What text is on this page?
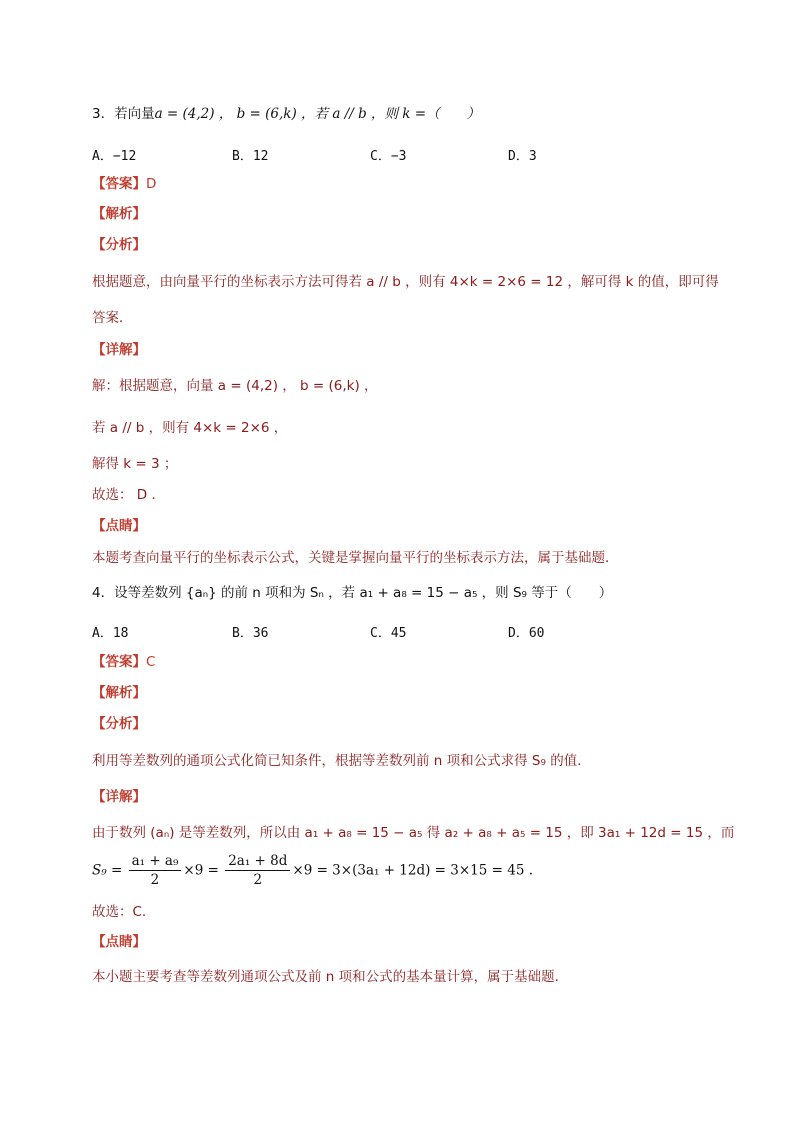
3．若向量a = (4,2) ， b = (6,k) ，若 a // b ，则 k =（　　）
A．−12	B．12	C．−3	D．3
【答案】D
【解析】
【分析】
根据题意，由向量平行的坐标表示方法可得若 a // b ，则有 4×k = 2×6 = 12 ，解可得 k 的值，即可得
答案．
【详解】
解：根据题意，向量 a = (4,2) ， b = (6,k) ，
若 a // b ，则有 4×k = 2×6 ，
解得 k = 3 ；
故选： D ．
【点睛】
本题考查向量平行的坐标表示公式，关键是掌握向量平行的坐标表示方法，属于基础题．
4．设等差数列 {aₙ} 的前 n 项和为 Sₙ ，若 a₁ + a₈ = 15 − a₅ ，则 S₉ 等于（　　）
A．18	B．36	C．45	D．60
【答案】C
【解析】
【分析】
利用等差数列的通项公式化简已知条件，根据等差数列前 n 项和公式求得 S₉ 的值．
【详解】
由于数列 (aₙ) 是等差数列，所以由 a₁ + a₈ = 15 − a₅ 得 a₂ + a₈ + a₅ = 15 ，即 3a₁ + 12d = 15 ，而
$S_9 = \frac{\text{a₁ + a₉}}{2} \times 9 = \frac{\text{2a₁ + 8d}}{2} \times 9 = 3\times(3a_1 + 12d) = 3\times 15 = 45$ .
故选：C.
【点睛】
本小题主要考查等差数列通项公式及前 n 项和公式的基本量计算，属于基础题．
